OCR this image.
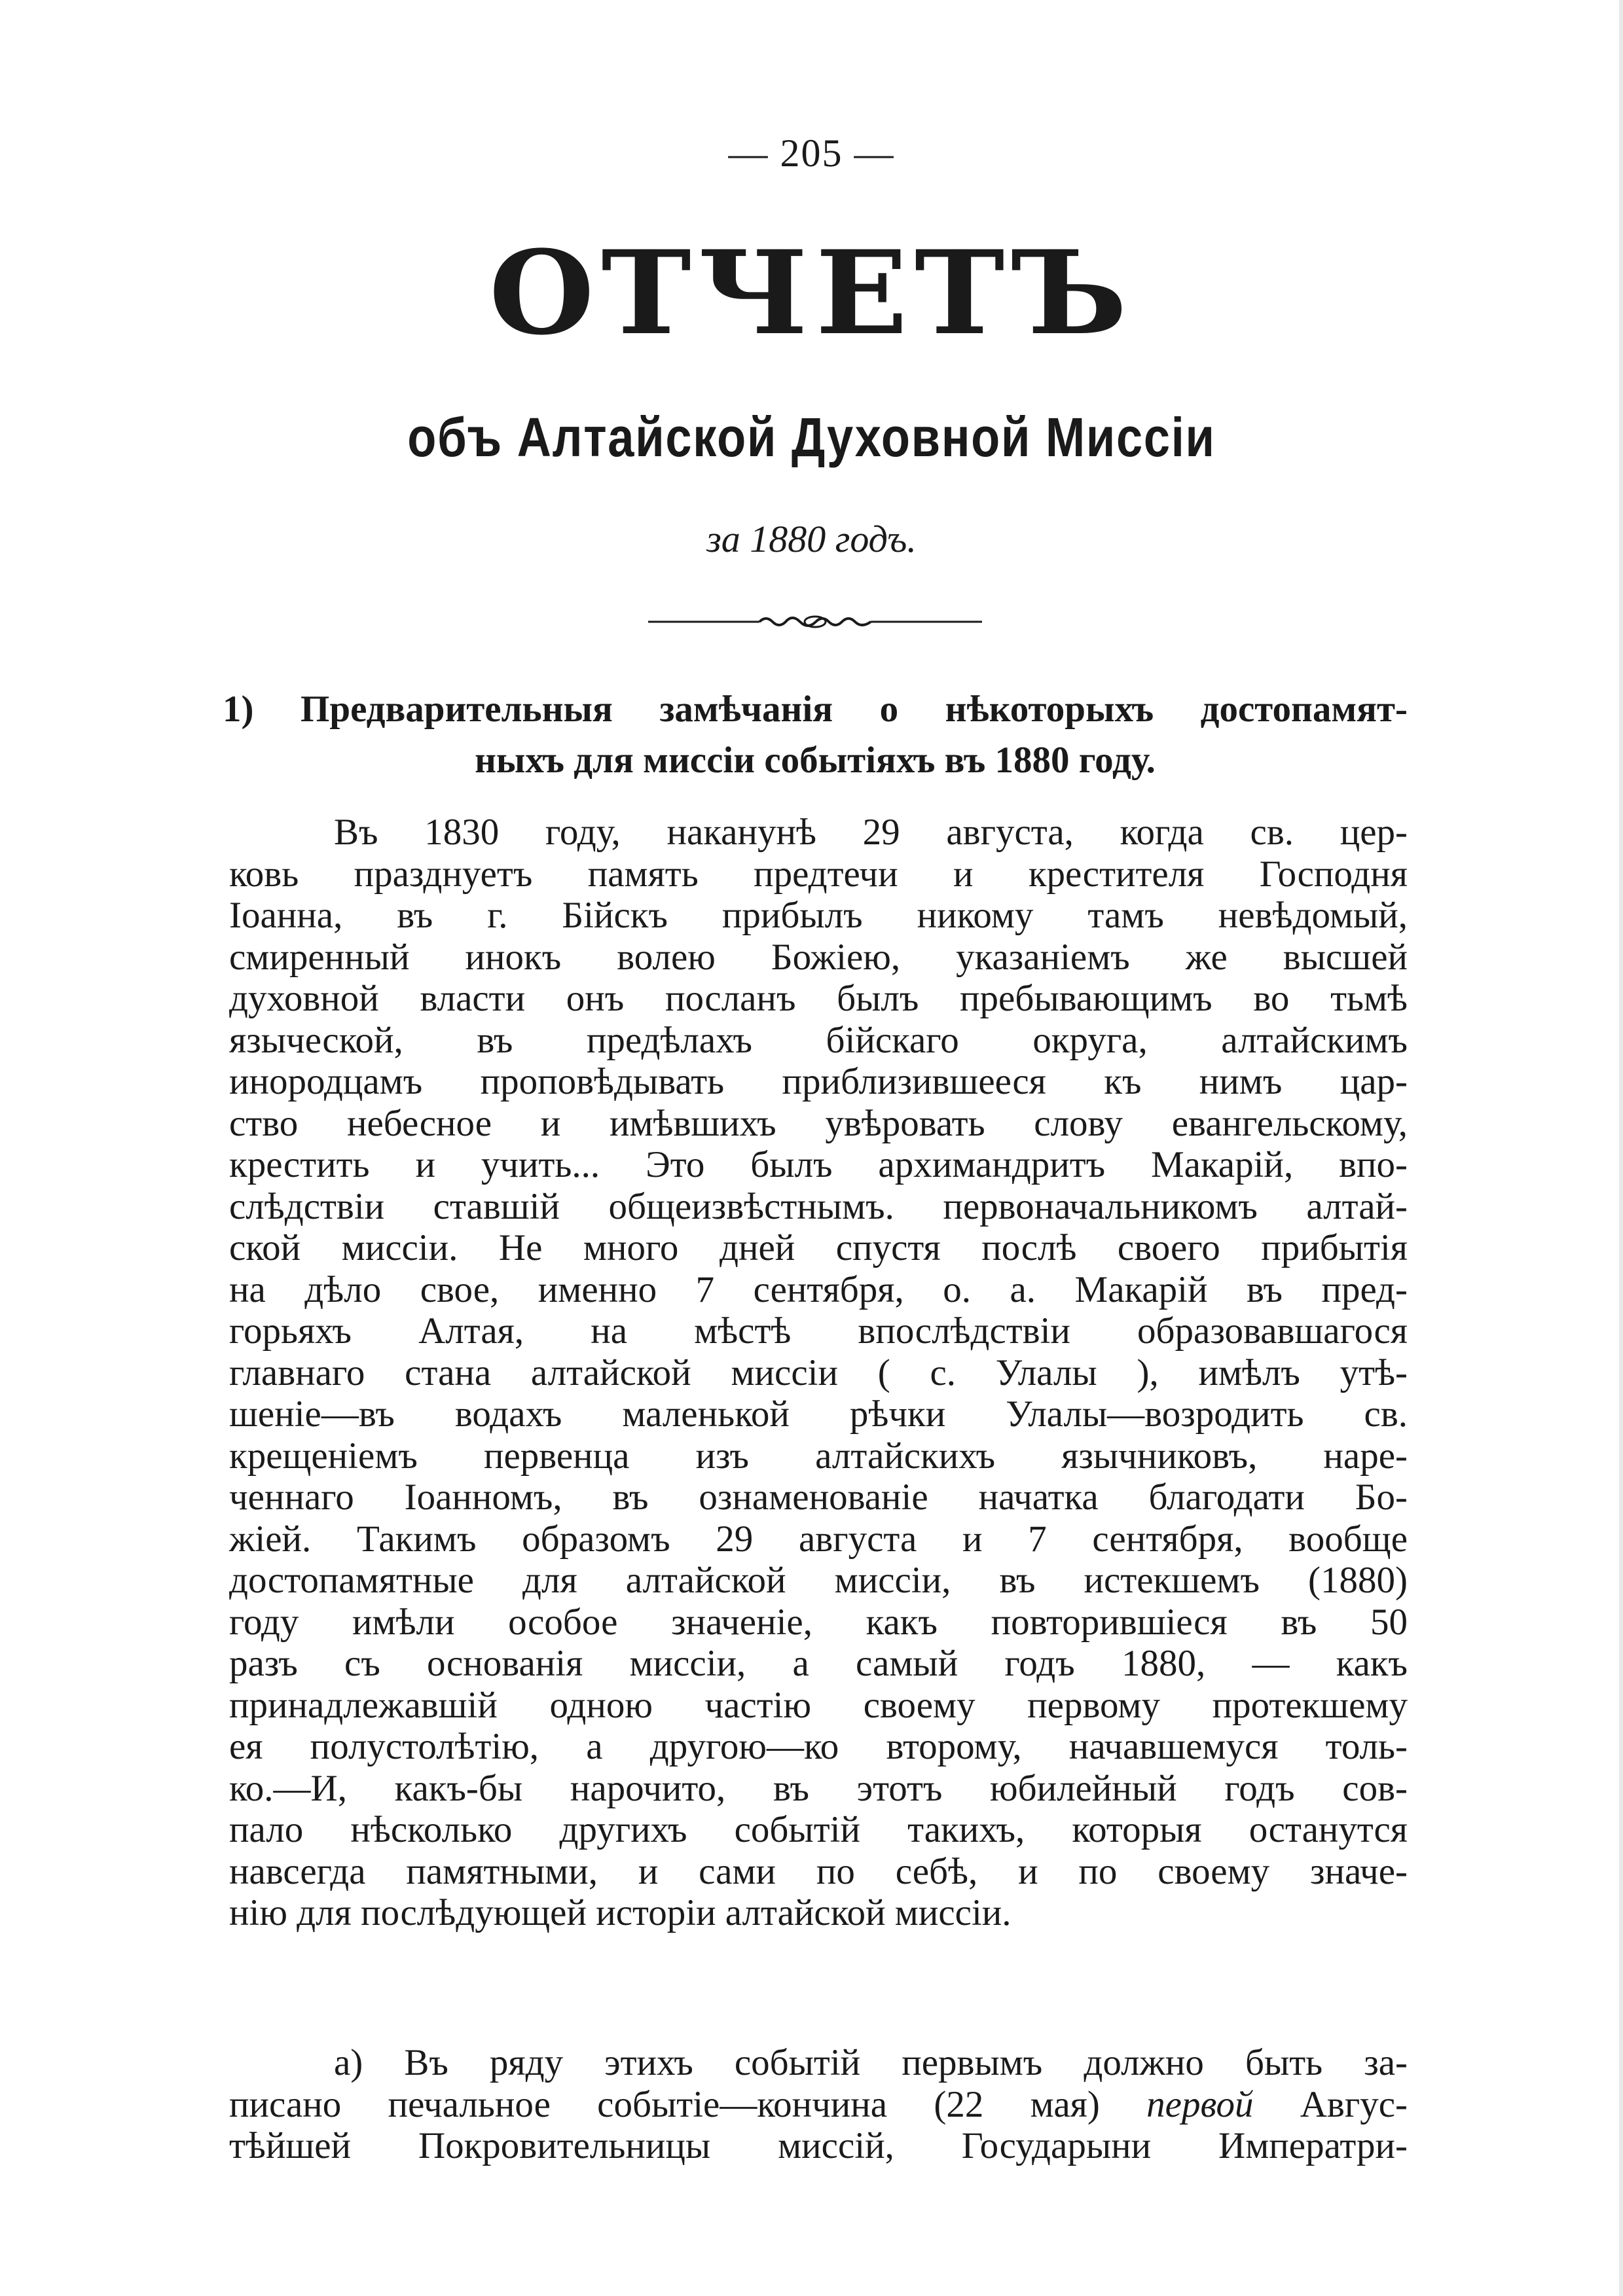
— 205 —
ОТЧЕТЪ
объ Алтайской Духовной Миссіи
за 1880 годъ.
1) Предварительныя замѣчанія о нѣкоторыхъ достопамят-
ныхъ для миссіи событіяхъ въ 1880 году.
Въ 1830 году, наканунѣ 29 августа, когда св. цер-
ковь празднуетъ память предтечи и крестителя Господня
Іоанна, въ г. Бійскъ прибылъ никому тамъ невѣдомый,
смиренный инокъ волею Божіею, указаніемъ же высшей
духовной власти онъ посланъ былъ пребывающимъ во тьмѣ
языческой, въ предѣлахъ бійскаго округа, алтайскимъ
инородцамъ проповѣдывать приблизившееся къ нимъ цар-
ство небесное и имѣвшихъ увѣровать слову евангельскому,
крестить и учить... Это былъ архимандритъ Макарій, впо-
слѣдствіи ставшій общеизвѣстнымъ. первоначальникомъ алтай-
ской миссіи. Не много дней спустя послѣ своего прибытія
на дѣло свое, именно 7 сентября, о. а. Макарій въ пред-
горьяхъ Алтая, на мѣстѣ впослѣдствіи образовавшагося
главнаго стана алтайской миссіи ( с. Улалы ), имѣлъ утѣ-
шеніе—въ водахъ маленькой рѣчки Улалы—возродить св.
крещеніемъ первенца изъ алтайскихъ язычниковъ, наре-
ченнаго Іоанномъ, въ ознаменованіе начатка благодати Бо-
жіей. Такимъ образомъ 29 августа и 7 сентября, вообще
достопамятные для алтайской миссіи, въ истекшемъ (1880)
году имѣли особое значеніе, какъ повторившіеся въ 50
разъ съ основанія миссіи, а самый годъ 1880, — какъ
принадлежавшій одною частію своему первому протекшему
ея полустолѣтію, а другою—ко второму, начавшемуся толь-
ко.—И, какъ-бы нарочито, въ этотъ юбилейный годъ сов-
пало нѣсколько другихъ событій такихъ, которыя останутся
навсегда памятными, и сами по себѣ, и по своему значе-
нію для послѣдующей исторіи алтайской миссіи.
а) Въ ряду этихъ событій первымъ должно быть за-
писано печальное событіе—кончина (22 мая) первой Авгус-
тѣйшей Покровительницы миссій, Государыни Императри-
